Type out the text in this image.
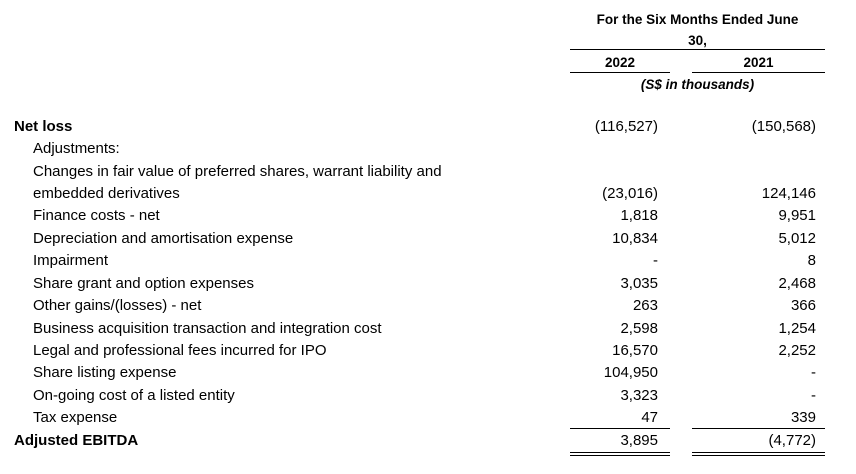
For the Six Months Ended June
30,
2022	2021
(S$ in thousands)
Net loss	(116,527)	(150,568)
Adjustments:
Changes in fair value of preferred shares, warrant liability and
embedded derivatives	(23,016)	124,146
Finance costs - net	1,818	9,951
Depreciation and amortisation expense	10,834	5,012
Impairment	-	8
Share grant and option expenses	3,035	2,468
Other gains/(losses) - net	263	366
Business acquisition transaction and integration cost	2,598	1,254
Legal and professional fees incurred for IPO	16,570	2,252
Share listing expense	104,950	-
On-going cost of a listed entity	3,323	-
Tax expense	47	339
Adjusted EBITDA	3,895	(4,772)
